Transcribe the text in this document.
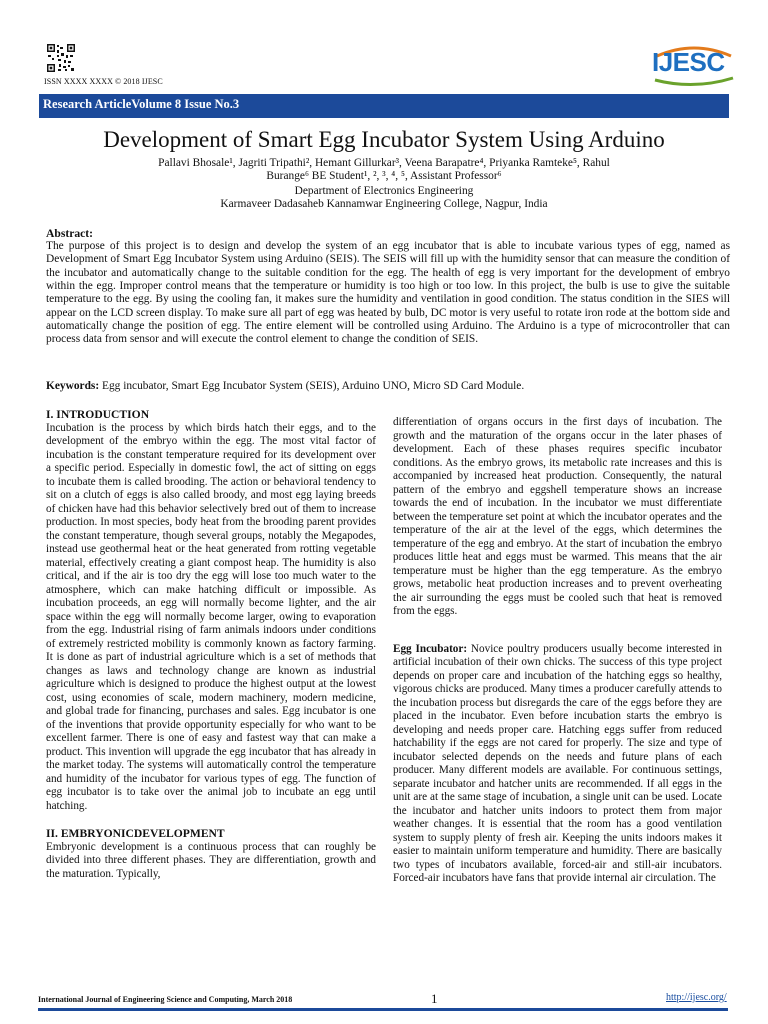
ISSN XXXX XXXX © 2018 IJESC
IJESC
Research ArticleVolume 8 Issue No.3
Development of Smart Egg Incubator System Using Arduino
Pallavi Bhosale¹, Jagriti Tripathi², Hemant Gillurkar³, Veena Barapatre⁴, Priyanka Ramteke⁵, Rahul
Burange⁶ BE Student¹, ², ³, ⁴, ⁵, Assistant Professor⁶
Department of Electronics Engineering
Karmaveer Dadasaheb Kannamwar Engineering College, Nagpur, India
Abstract:
The purpose of this project is to design and develop the system of an egg incubator that is able to incubate various types of egg, named as Development of Smart Egg Incubator System using Arduino (SEIS). The SEIS will fill up with the humidity sensor that can measure the condition of the incubator and automatically change to the suitable condition for the egg. The health of egg is very important for the development of embryo within the egg. Improper control means that the temperature or humidity is too high or too low. In this project, the bulb is use to give the suitable temperature to the egg. By using the cooling fan, it makes sure the humidity and ventilation in good condition. The status condition in the SIES will appear on the LCD screen display. To make sure all part of egg was heated by bulb, DC motor is very useful to rotate iron rode at the bottom side and automatically change the position of egg. The entire element will be controlled using Arduino. The Arduino is a type of microcontroller that can process data from sensor and will execute the control element to change the condition of SEIS.
Keywords: Egg incubator, Smart Egg Incubator System (SEIS), Arduino UNO, Micro SD Card Module.
I. INTRODUCTION

Incubation is the process by which birds hatch their eggs, and to the development of the embryo within the egg. The most vital factor of incubation is the constant temperature required for its development over a specific period. Especially in domestic fowl, the act of sitting on eggs to incubate them is called brooding. The action or behavioral tendency to sit on a clutch of eggs is also called broody, and most egg laying breeds of chicken have had this behavior selectively bred out of them to increase production. In most species, body heat from the brooding parent provides the constant temperature, though several groups, notably the Megapodes, instead use geothermal heat or the heat generated from rotting vegetable material, effectively creating a giant compost heap. The humidity is also critical, and if the air is too dry the egg will lose too much water to the atmosphere, which can make hatching difficult or impossible. As incubation proceeds, an egg will normally become lighter, and the air space within the egg will normally become larger, owing to evaporation from the egg. Industrial rising of farm animals indoors under conditions of extremely restricted mobility is commonly known as factory farming. It is done as part of industrial agriculture which is a set of methods that changes as laws and technology change are known as industrial agriculture which is designed to produce the highest output at the lowest cost, using economies of scale, modern machinery, modern medicine, and global trade for financing, purchases and sales. Egg incubator is one of the inventions that provide opportunity especially for who want to be excellent farmer. There is one of easy and fastest way that can make a product. This invention will upgrade the egg incubator that has already in the market today. The systems will automatically control the temperature and humidity of the incubator for various types of egg. The function of egg incubator is to take over the animal job to incubate an egg until hatching.

II. EMBRYONICDEVELOPMENT

Embryonic development is a continuous process that can roughly be divided into three different phases. They are differentiation, growth and the maturation. Typically,

differentiation of organs occurs in the first days of incubation. The growth and the maturation of the organs occur in the later phases of development. Each of these phases requires specific incubator conditions. As the embryo grows, its metabolic rate increases and this is accompanied by increased heat production. Consequently, the natural pattern of the embryo and eggshell temperature shows an increase towards the end of incubation. In the incubator we must differentiate between the temperature set point at which the incubator operates and the temperature of the air at the level of the eggs, which determines the temperature of the egg and embryo. At the start of incubation the embryo produces little heat and eggs must be warmed. This means that the air temperature must be higher than the egg temperature. As the embryo grows, metabolic heat production increases and to prevent overheating the air surrounding the eggs must be cooled such that heat is removed from the eggs.

Egg Incubator: Novice poultry producers usually become interested in artificial incubation of their own chicks. The success of this type project depends on proper care and incubation of the hatching eggs so healthy, vigorous chicks are produced. Many times a producer carefully attends to the incubation process but disregards the care of the eggs before they are placed in the incubator. Even before incubation starts the embryo is developing and needs proper care. Hatching eggs suffer from reduced hatchability if the eggs are not cared for properly. The size and type of incubator selected depends on the needs and future plans of each producer. Many different models are available. For continuous settings, separate incubator and hatcher units are recommended. If all eggs in the unit are at the same stage of incubation, a single unit can be used. Locate the incubator and hatcher units indoors to protect them from major weather changes. It is essential that the room has a good ventilation system to supply plenty of fresh air. Keeping the units indoors makes it easier to maintain uniform temperature and humidity. There are basically two types of incubators available, forced-air and still-air incubators. Forced-air incubators have fans that provide internal air circulation. The

International Journal of Engineering Science and Computing, March 2018	1	http://ijesc.org/
